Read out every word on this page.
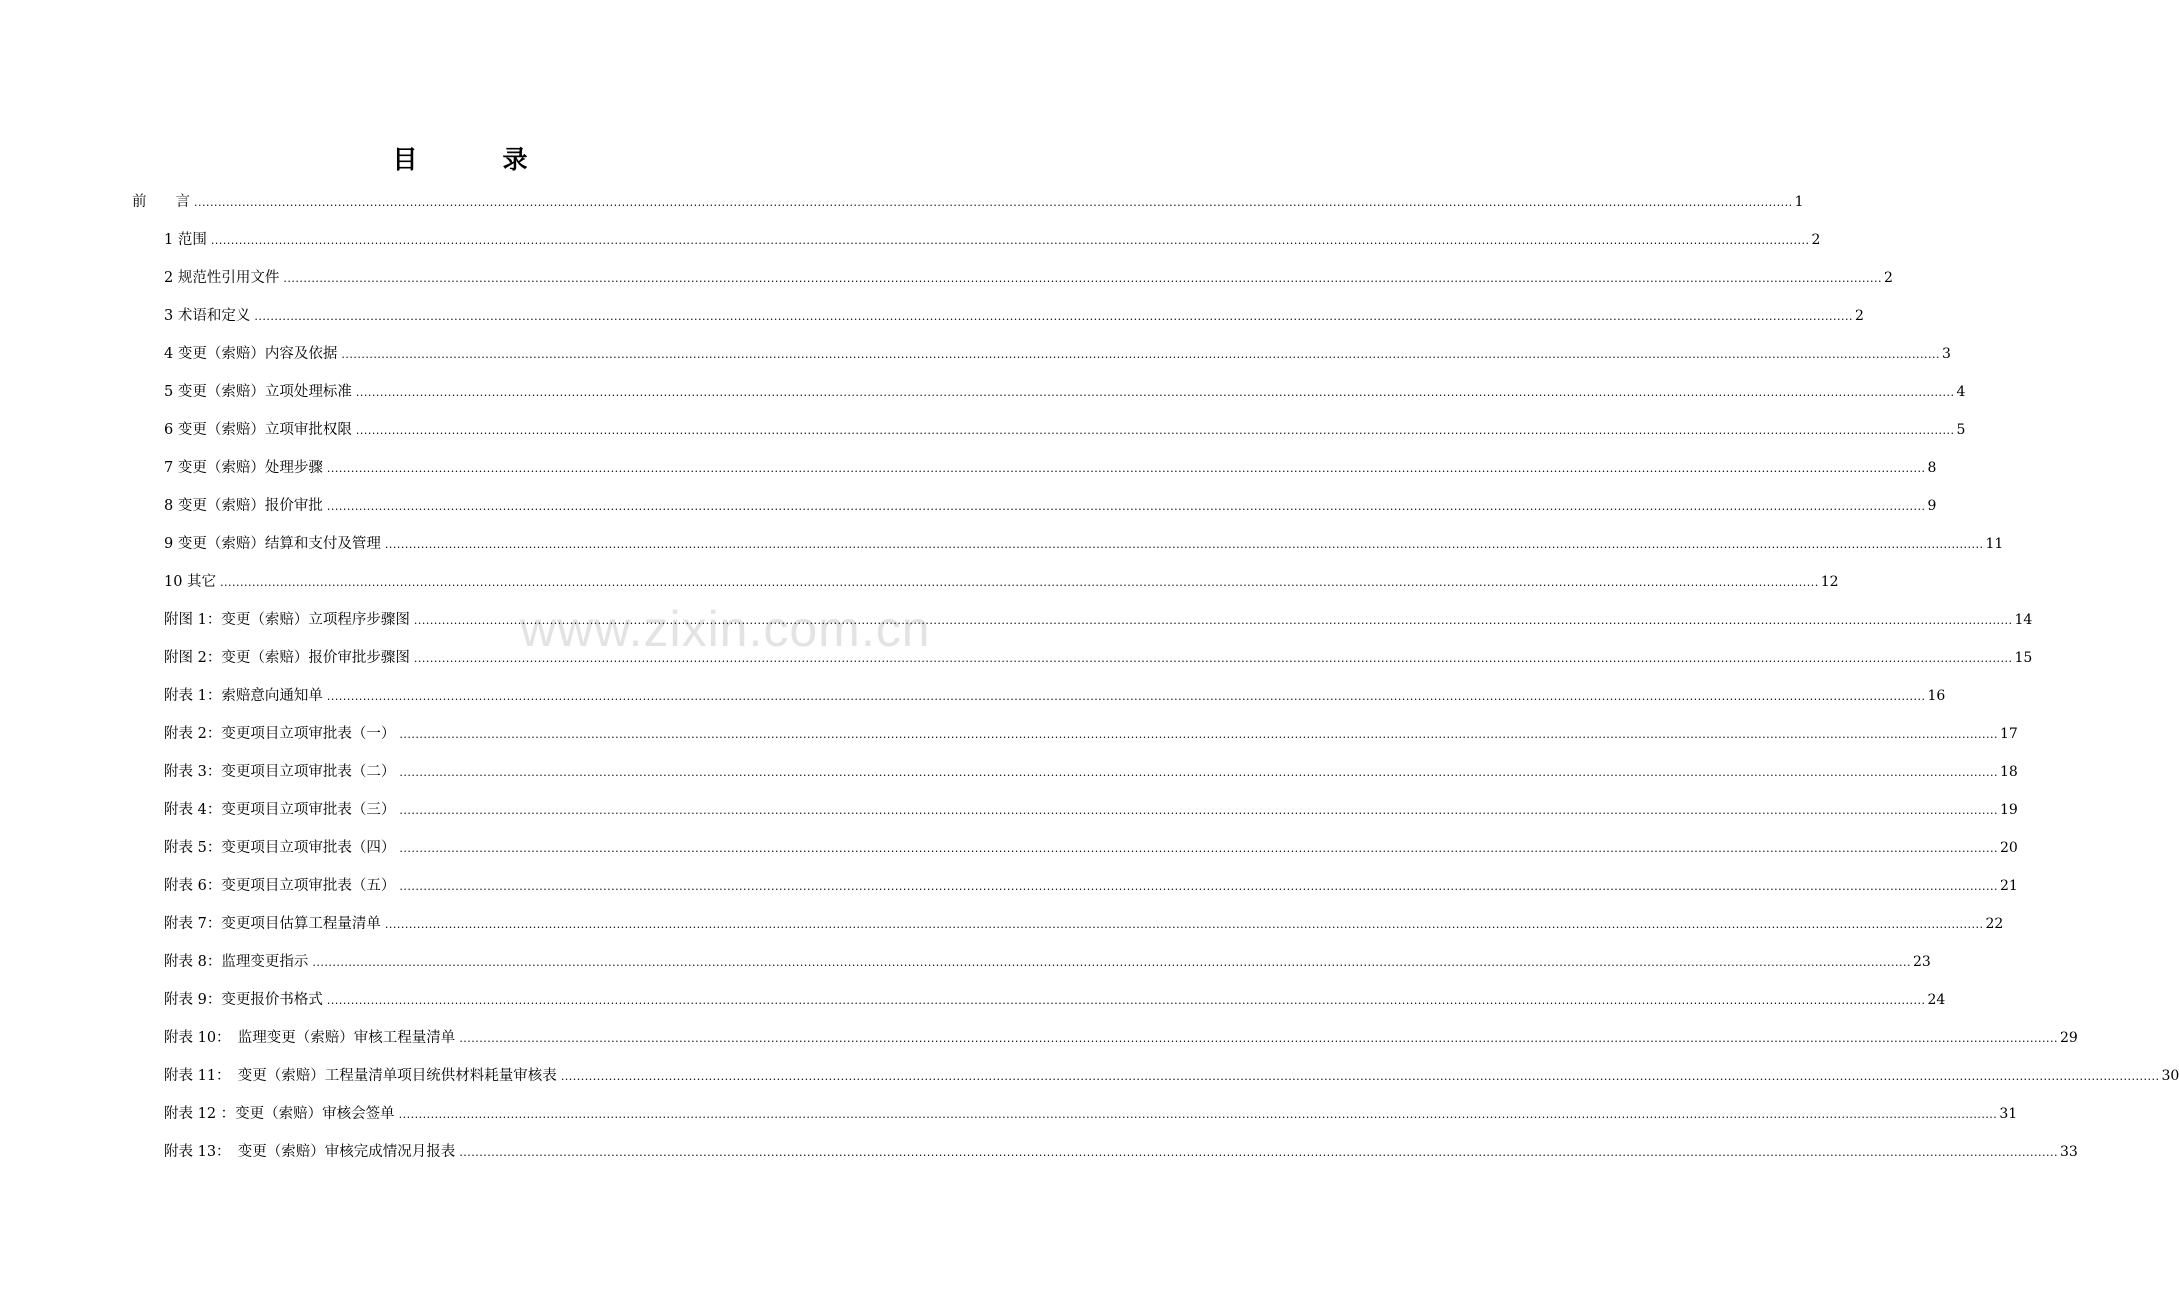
www.zixin.com.cn
目　录
前　　言 ................................................................................................................................................................................................................................................................................................................................................................................................................ 1
1 范围 ................................................................................................................................................................................................................................................................................................................................................................................................................ 2
2 规范性引用文件 ................................................................................................................................................................................................................................................................................................................................................................................................................ 2
3 术语和定义 ................................................................................................................................................................................................................................................................................................................................................................................................................ 2
4 变更（索赔）内容及依据 ................................................................................................................................................................................................................................................................................................................................................................................................................ 3
5 变更（索赔）立项处理标准 ................................................................................................................................................................................................................................................................................................................................................................................................................ 4
6 变更（索赔）立项审批权限 ................................................................................................................................................................................................................................................................................................................................................................................................................ 5
7 变更（索赔）处理步骤 ................................................................................................................................................................................................................................................................................................................................................................................................................ 8
8 变更（索赔）报价审批 ................................................................................................................................................................................................................................................................................................................................................................................................................ 9
9 变更（索赔）结算和支付及管理 ................................................................................................................................................................................................................................................................................................................................................................................................................ 11
10 其它 ................................................................................................................................................................................................................................................................................................................................................................................................................ 12
附图 1：变更（索赔）立项程序步骤图 ................................................................................................................................................................................................................................................................................................................................................................................................................ 14
附图 2：变更（索赔）报价审批步骤图 ................................................................................................................................................................................................................................................................................................................................................................................................................ 15
附表 1：索赔意向通知单 ................................................................................................................................................................................................................................................................................................................................................................................................................ 16
附表 2：变更项目立项审批表（一） ................................................................................................................................................................................................................................................................................................................................................................................................................ 17
附表 3：变更项目立项审批表（二） ................................................................................................................................................................................................................................................................................................................................................................................................................ 18
附表 4：变更项目立项审批表（三） ................................................................................................................................................................................................................................................................................................................................................................................................................ 19
附表 5：变更项目立项审批表（四） ................................................................................................................................................................................................................................................................................................................................................................................................................ 20
附表 6：变更项目立项审批表（五） ................................................................................................................................................................................................................................................................................................................................................................................................................ 21
附表 7：变更项目估算工程量清单 ................................................................................................................................................................................................................................................................................................................................................................................................................ 22
附表 8：监理变更指示 ................................................................................................................................................................................................................................................................................................................................................................................................................ 23
附表 9：变更报价书格式 ................................................................................................................................................................................................................................................................................................................................................................................................................ 24
附表 10：　监理变更（索赔）审核工程量清单 ................................................................................................................................................................................................................................................................................................................................................................................................................ 29
附表 11：　变更（索赔）工程量清单项目统供材料耗量审核表 ................................................................................................................................................................................................................................................................................................................................................................................................................ 30
附表 12 ：变更（索赔）审核会签单 ................................................................................................................................................................................................................................................................................................................................................................................................................ 31
附表 13：　变更（索赔）审核完成情况月报表 ................................................................................................................................................................................................................................................................................................................................................................................................................ 33
